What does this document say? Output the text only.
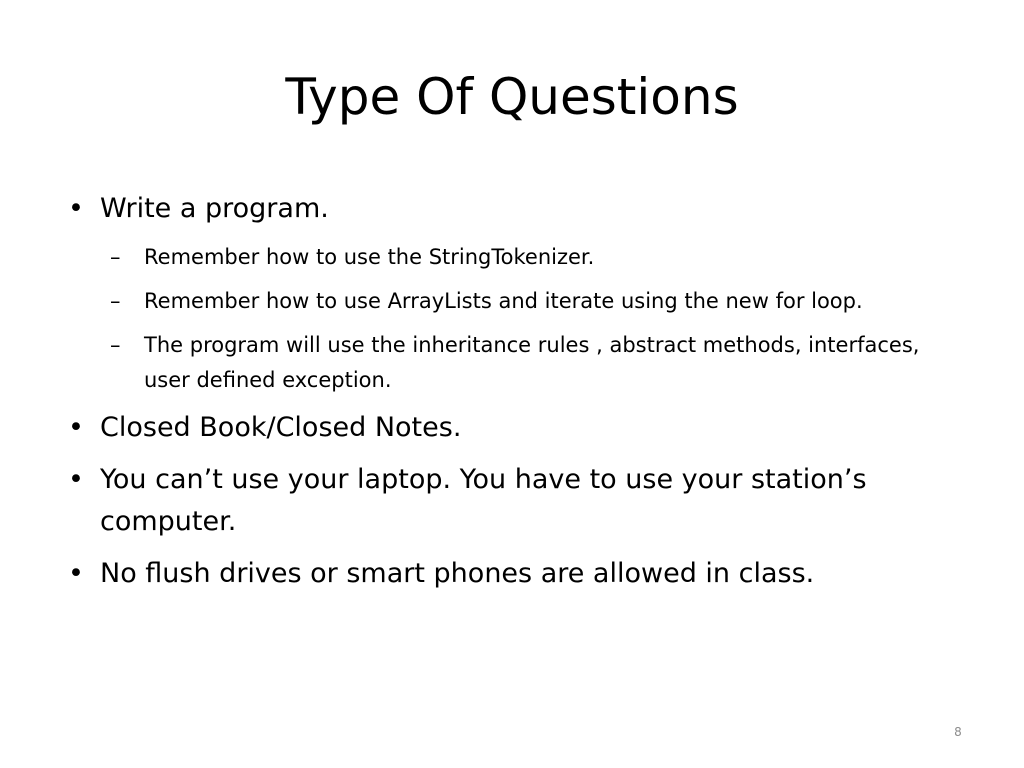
Type Of Questions
• Write a program.
– Remember how to use the StringTokenizer.
– Remember how to use ArrayLists and iterate using the new for loop.
– The program will use the inheritance rules , abstract methods, interfaces, user defined exception.
• Closed Book/Closed Notes.
• You can’t use your laptop. You have to use your station’s computer.
• No flush drives or smart phones are allowed in class.
8
